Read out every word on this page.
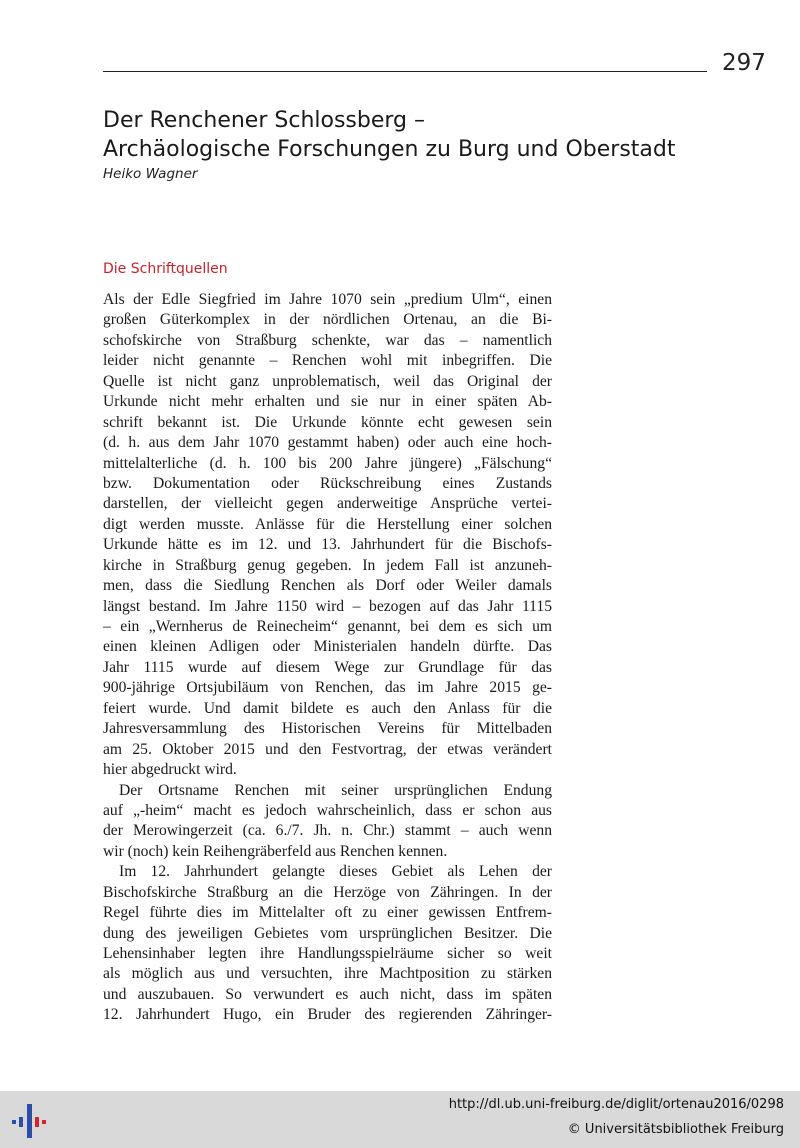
297
Der Renchener Schlossberg –
Archäologische Forschungen zu Burg und Oberstadt
Heiko Wagner
Die Schriftquellen
Als der Edle Siegfried im Jahre 1070 sein „predium Ulm“, einen
großen Güterkomplex in der nördlichen Ortenau, an die Bi-
schofskirche von Straßburg schenkte, war das – namentlich
leider nicht genannte – Renchen wohl mit inbegriffen. Die
Quelle ist nicht ganz unproblematisch, weil das Original der
Urkunde nicht mehr erhalten und sie nur in einer späten Ab-
schrift bekannt ist. Die Urkunde könnte echt gewesen sein
(d. h. aus dem Jahr 1070 gestammt haben) oder auch eine hoch-
mittelalterliche (d. h. 100 bis 200 Jahre jüngere) „Fälschung“
bzw. Dokumentation oder Rückschreibung eines Zustands
darstellen, der vielleicht gegen anderweitige Ansprüche vertei-
digt werden musste. Anlässe für die Herstellung einer solchen
Urkunde hätte es im 12. und 13. Jahrhundert für die Bischofs-
kirche in Straßburg genug gegeben. In jedem Fall ist anzuneh-
men, dass die Siedlung Renchen als Dorf oder Weiler damals
längst bestand. Im Jahre 1150 wird – bezogen auf das Jahr 1115
– ein „Wernherus de Reinecheim“ genannt, bei dem es sich um
einen kleinen Adligen oder Ministerialen handeln dürfte. Das
Jahr 1115 wurde auf diesem Wege zur Grundlage für das
900-jährige Ortsjubiläum von Renchen, das im Jahre 2015 ge-
feiert wurde. Und damit bildete es auch den Anlass für die
Jahresversammlung des Historischen Vereins für Mittelbaden
am 25. Oktober 2015 und den Festvortrag, der etwas verändert
hier abgedruckt wird.
Der Ortsname Renchen mit seiner ursprünglichen Endung
auf „-heim“ macht es jedoch wahrscheinlich, dass er schon aus
der Merowingerzeit (ca. 6./7. Jh. n. Chr.) stammt – auch wenn
wir (noch) kein Reihengräberfeld aus Renchen kennen.
Im 12. Jahrhundert gelangte dieses Gebiet als Lehen der
Bischofskirche Straßburg an die Herzöge von Zähringen. In der
Regel führte dies im Mittelalter oft zu einer gewissen Entfrem-
dung des jeweiligen Gebietes vom ursprünglichen Besitzer. Die
Lehensinhaber legten ihre Handlungsspielräume sicher so weit
als möglich aus und versuchten, ihre Machtposition zu stärken
und auszubauen. So verwundert es auch nicht, dass im späten
12. Jahrhundert Hugo, ein Bruder des regierenden Zähringer-
http://dl.ub.uni-freiburg.de/diglit/ortenau2016/0298
© Universitätsbibliothek Freiburg
